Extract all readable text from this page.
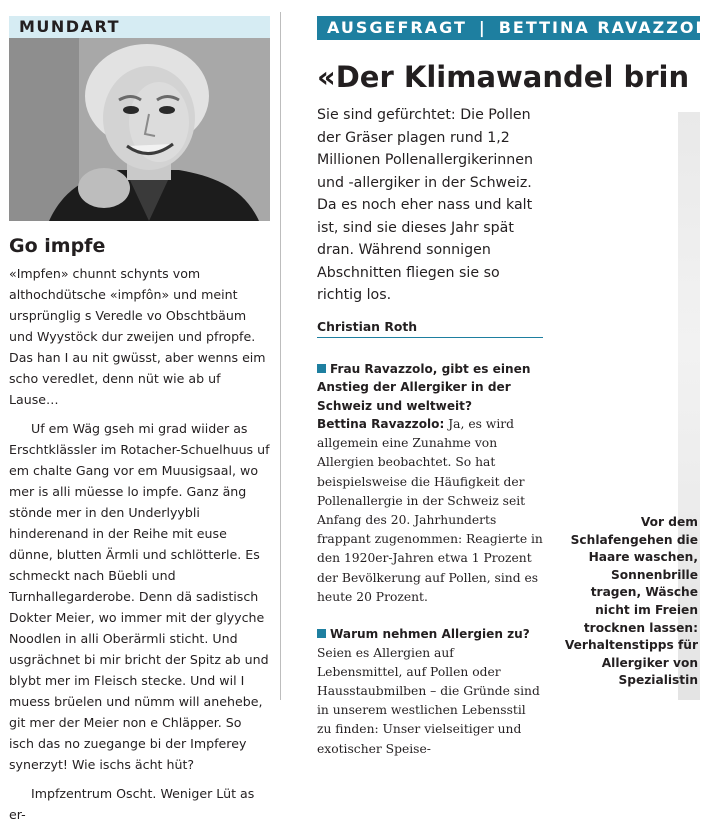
MUNDART
Go impfe

«Impfen» chunnt schynts vom althochdütsche «impfôn» und meint ursprünglig s Veredle vo Obschtbäum und Wyystöck dur zweijen und pfropfe. Das han I au nit gwüsst, aber wenns eim scho veredlet, denn nüt wie ab uf Lause…

Uf em Wäg gseh mi grad wiider as Erschtklässler im Rotacher-Schuelhuus uf em chalte Gang vor em Muusigsaal, wo mer is alli müesse lo impfe. Ganz äng stönde mer in den Underlyybli hinderenand in der Reihe mit euse dünne, blutten Ärmli und schlötterle. Es schmeckt nach Büebli und Turnhallegarderobe. Denn dä sadistisch Dokter Meier, wo immer mit der glyyche Noodlen in alli Oberärmli sticht. Und usgrächnet bi mir bricht der Spitz ab und blybt mer im Fleisch stecke. Und wil I muess brüelen und nümm will anehebe, git mer der Meier non e Chläpper. So isch das no zuegange bi der Impferey synerzyt! Wie ischs ächt hüt?

Impfzentrum Oscht. Weniger Lüt as er-

AUSGEFRAGT | BETTINA RAVAZZOLO
«Der Klimawandel brin

Sie sind gefürchtet: Die Pollen der Gräser plagen rund 1,2 Millionen Pollenallergikerinnen und -allergiker in der Schweiz. Da es noch eher nass und kalt ist, sind sie dieses Jahr spät dran. Während sonnigen Abschnitten fliegen sie so richtig los.

Christian Roth

Frau Ravazzolo, gibt es einen Anstieg der Allergiker in der Schweiz und weltweit?

Bettina Ravazzolo: Ja, es wird allgemein eine Zunahme von Allergien beobachtet. So hat beispielsweise die Häufigkeit der Pollenallergie in der Schweiz seit Anfang des 20. Jahrhunderts frappant zugenommen: Reagierte in den 1920er-Jahren etwa 1 Prozent der Bevölkerung auf Pollen, sind es heute 20 Prozent.

Warum nehmen Allergien zu?

Seien es Allergien auf Lebensmittel, auf Pollen oder Hausstaubmilben – die Gründe sind in unserem westlichen Lebensstil zu finden: Unser vielseitiger und exotischer Speise-

Vor dem Schlafengehen die Haare waschen, Sonnenbrille tragen, Wäsche nicht im Freien trocknen lassen: Verhaltenstipps für Allergiker von Spezialistin
